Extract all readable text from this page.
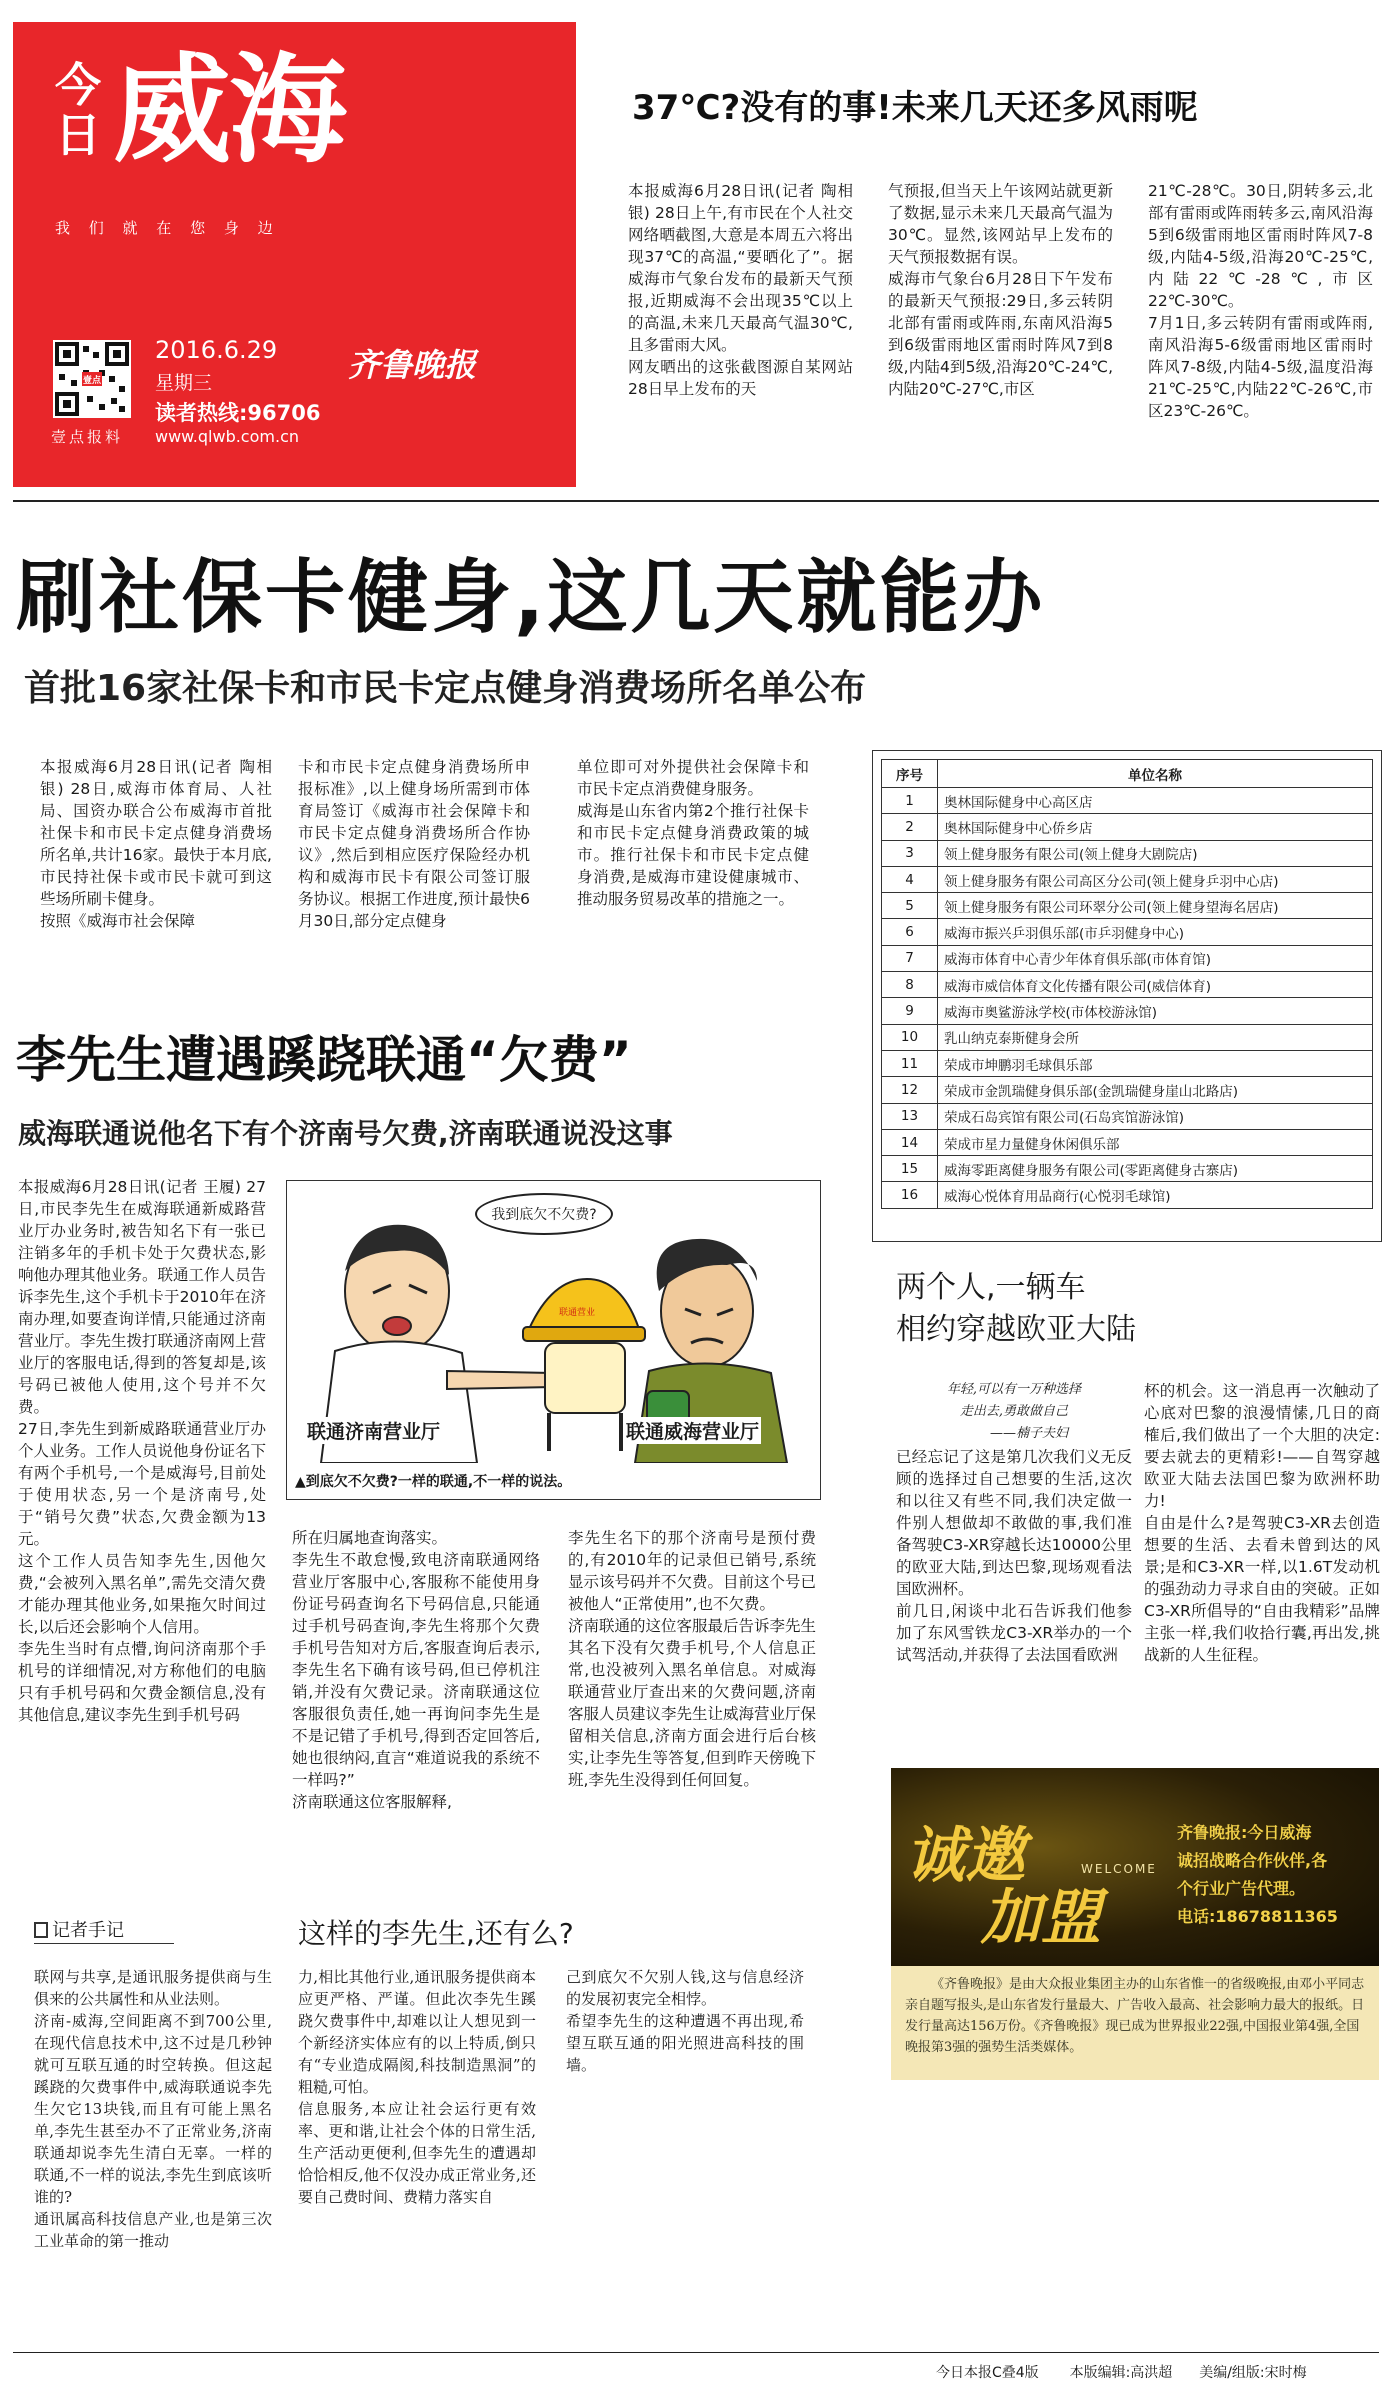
今
日 威海
我 们 就 在 您 身 边
壹点
壹点报料
2016.6.29
星期三	齐鲁晚报
读者热线:96706
www.qlwb.com.cn
37℃?没有的事!未来几天还多风雨呢
本报威海6月28日讯(记者 陶相银) 28日上午,有市民在个人社交网络晒截图,大意是本周五六将出现37℃的高温,“要晒化了”。据威海市气象台发布的最新天气预报,近期威海不会出现35℃以上的高温,未来几天最高气温30℃,且多雷雨大风。
网友晒出的这张截图源自某网站28日早上发布的天
气预报,但当天上午该网站就更新了数据,显示未来几天最高气温为30℃。显然,该网站早上发布的天气预报数据有误。
威海市气象台6月28日下午发布的最新天气预报:29日,多云转阴北部有雷雨或阵雨,东南风沿海5到6级雷雨地区雷雨时阵风7到8级,内陆4到5级,沿海20℃-24℃,内陆20℃-27℃,市区
21℃-28℃。30日,阴转多云,北部有雷雨或阵雨转多云,南风沿海5到6级雷雨地区雷雨时阵风7-8级,内陆4-5级,沿海20℃-25℃,内陆22℃-28℃,市区22℃-30℃。
7月1日,多云转阴有雷雨或阵雨,南风沿海5-6级雷雨地区雷雨时阵风7-8级,内陆4-5级,温度沿海21℃-25℃,内陆22℃-26℃,市区23℃-26℃。
刷社保卡健身,这几天就能办
首批16家社保卡和市民卡定点健身消费场所名单公布
本报威海6月28日讯(记者 陶相银) 28日,威海市体育局、人社局、国资办联合公布威海市首批社保卡和市民卡定点健身消费场所名单,共计16家。最快于本月底,市民持社保卡或市民卡就可到这些场所刷卡健身。
按照《威海市社会保障
卡和市民卡定点健身消费场所申报标准》,以上健身场所需到市体育局签订《威海市社会保障卡和市民卡定点健身消费场所合作协议》,然后到相应医疗保险经办机构和威海市民卡有限公司签订服务协议。根据工作进度,预计最快6月30日,部分定点健身
单位即可对外提供社会保障卡和市民卡定点消费健身服务。
威海是山东省内第2个推行社保卡和市民卡定点健身消费政策的城市。推行社保卡和市民卡定点健身消费,是威海市建设健康城市、推动服务贸易改革的措施之一。
序号	单位名称
1	奥林国际健身中心高区店
2	奥林国际健身中心侨乡店
3	领上健身服务有限公司(领上健身大剧院店)
4	领上健身服务有限公司高区分公司(领上健身乒羽中心店)
5	领上健身服务有限公司环翠分公司(领上健身望海名居店)
6	威海市振兴乒羽俱乐部(市乒羽健身中心)
7	威海市体育中心青少年体育俱乐部(市体育馆)
8	威海市威信体育文化传播有限公司(威信体育)
9	威海市奥鲨游泳学校(市体校游泳馆)
10	乳山纳克泰斯健身会所
11	荣成市坤鹏羽毛球俱乐部
12	荣成市金凯瑞健身俱乐部(金凯瑞健身崖山北路店)
13	荣成石岛宾馆有限公司(石岛宾馆游泳馆)
14	荣成市星力量健身休闲俱乐部
15	威海零距离健身服务有限公司(零距离健身古寨店)
16	威海心悦体育用品商行(心悦羽毛球馆)
李先生遭遇蹊跷联通“欠费”
威海联通说他名下有个济南号欠费,济南联通说没这事
本报威海6月28日讯(记者 王履) 27日,市民李先生在威海联通新威路营业厅办业务时,被告知名下有一张已注销多年的手机卡处于欠费状态,影响他办理其他业务。联通工作人员告诉李先生,这个手机卡于2010年在济南办理,如要查询详情,只能通过济南营业厅。李先生拨打联通济南网上营业厅的客服电话,得到的答复却是,该号码已被他人使用,这个号并不欠费。
27日,李先生到新威路联通营业厅办个人业务。工作人员说他身份证名下有两个手机号,一个是威海号,目前处于使用状态,另一个是济南号,处于“销号欠费”状态,欠费金额为13元。
这个工作人员告知李先生,因他欠费,“会被列入黑名单”,需先交清欠费才能办理其他业务,如果拖欠时间过长,以后还会影响个人信用。
李先生当时有点懵,询问济南那个手机号的详细情况,对方称他们的电脑只有手机号码和欠费金额信息,没有其他信息,建议李先生到手机号码
我到底欠不欠费?
联通营业
联通济南营业厅	联通威海营业厅
▲到底欠不欠费?一样的联通,不一样的说法。
所在归属地查询落实。
李先生不敢怠慢,致电济南联通网络营业厅客服中心,客服称不能使用身份证号码查询名下号码信息,只能通过手机号码查询,李先生将那个欠费手机号告知对方后,客服查询后表示,李先生名下确有该号码,但已停机注销,并没有欠费记录。济南联通这位客服很负责任,她一再询问李先生是不是记错了手机号,得到否定回答后,她也很纳闷,直言“难道说我的系统不一样吗?”
济南联通这位客服解释,
李先生名下的那个济南号是预付费的,有2010年的记录但已销号,系统显示该号码并不欠费。目前这个号已被他人“正常使用”,也不欠费。
济南联通的这位客服最后告诉李先生其名下没有欠费手机号,个人信息正常,也没被列入黑名单信息。对威海联通营业厅查出来的欠费问题,济南客服人员建议李先生让威海营业厅保留相关信息,济南方面会进行后台核实,让李先生等答复,但到昨天傍晚下班,李先生没得到任何回复。
记者手记	这样的李先生,还有么?
联网与共享,是通讯服务提供商与生俱来的公共属性和从业法则。
济南-威海,空间距离不到700公里,在现代信息技术中,这不过是几秒钟就可互联互通的时空转换。但这起蹊跷的欠费事件中,威海联通说李先生欠它13块钱,而且有可能上黑名单,李先生甚至办不了正常业务,济南联通却说李先生清白无辜。一样的联通,不一样的说法,李先生到底该听谁的?
通讯属高科技信息产业,也是第三次工业革命的第一推动
力,相比其他行业,通讯服务提供商本应更严格、严谨。但此次李先生蹊跷欠费事件中,却难以让人想见到一个新经济实体应有的以上特质,倒只有“专业造成隔阂,科技制造黑洞”的粗糙,可怕。
信息服务,本应让社会运行更有效率、更和谐,让社会个体的日常生活,生产活动更便利,但李先生的遭遇却恰恰相反,他不仅没办成正常业务,还要自己费时间、费精力落实自
己到底欠不欠别人钱,这与信息经济的发展初衷完全相悖。
希望李先生的这种遭遇不再出现,希望互联互通的阳光照进高科技的围墙。
两个人,一辆车
相约穿越欧亚大陆
年轻,可以有一万种选择
走出去,勇敢做自己
——楠子夫妇
已经忘记了这是第几次我们义无反顾的选择过自己想要的生活,这次和以往又有些不同,我们决定做一件别人想做却不敢做的事,我们准备驾驶C3-XR穿越长达10000公里的欧亚大陆,到达巴黎,现场观看法国欧洲杯。
前几日,闲谈中北石告诉我们他参加了东风雪铁龙C3-XR举办的一个试驾活动,并获得了去法国看欧洲
杯的机会。这一消息再一次触动了心底对巴黎的浪漫情愫,几日的商榷后,我们做出了一个大胆的决定:要去就去的更精彩!——自驾穿越欧亚大陆去法国巴黎为欧洲杯助力!
自由是什么?是驾驶C3-XR去创造想要的生活、去看未曾到达的风景;是和C3-XR一样,以1.6T发动机的强劲动力寻求自由的突破。正如C3-XR所倡导的“自由我精彩”品牌主张一样,我们收拾行囊,再出发,挑战新的人生征程。
诚邀
加盟
WELCOME
齐鲁晚报:今日威海
诚招战略合作伙伴,各
个行业广告代理。
电话:18678811365
《齐鲁晚报》是由大众报业集团主办的山东省惟一的省级晚报,由邓小平同志亲自题写报头,是山东省发行量最大、广告收入最高、社会影响力最大的报纸。日发行量高达156万份。《齐鲁晚报》现已成为世界报业22强,中国报业第4强,全国晚报第3强的强势生活类媒体。
今日本报C叠4版 本版编辑:高洪超 美编/组版:宋时梅
